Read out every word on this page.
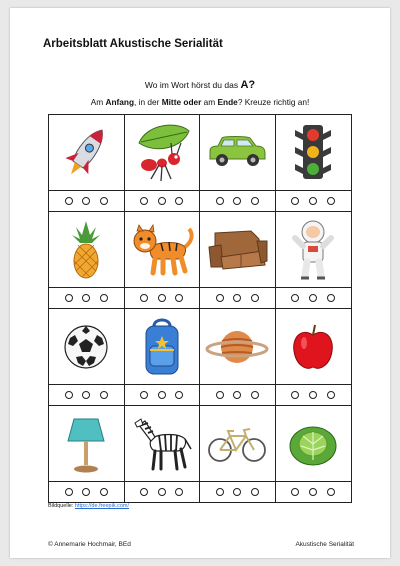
Arbeitsblatt Akustische Serialität
Wo im Wort hörst du das A?
Am Anfang, in der Mitte oder am Ende? Kreuze richtig an!
Bildquelle: https://de.freepik.com/
© Annemarie Hochmair, BEd	Akustische Serialität
